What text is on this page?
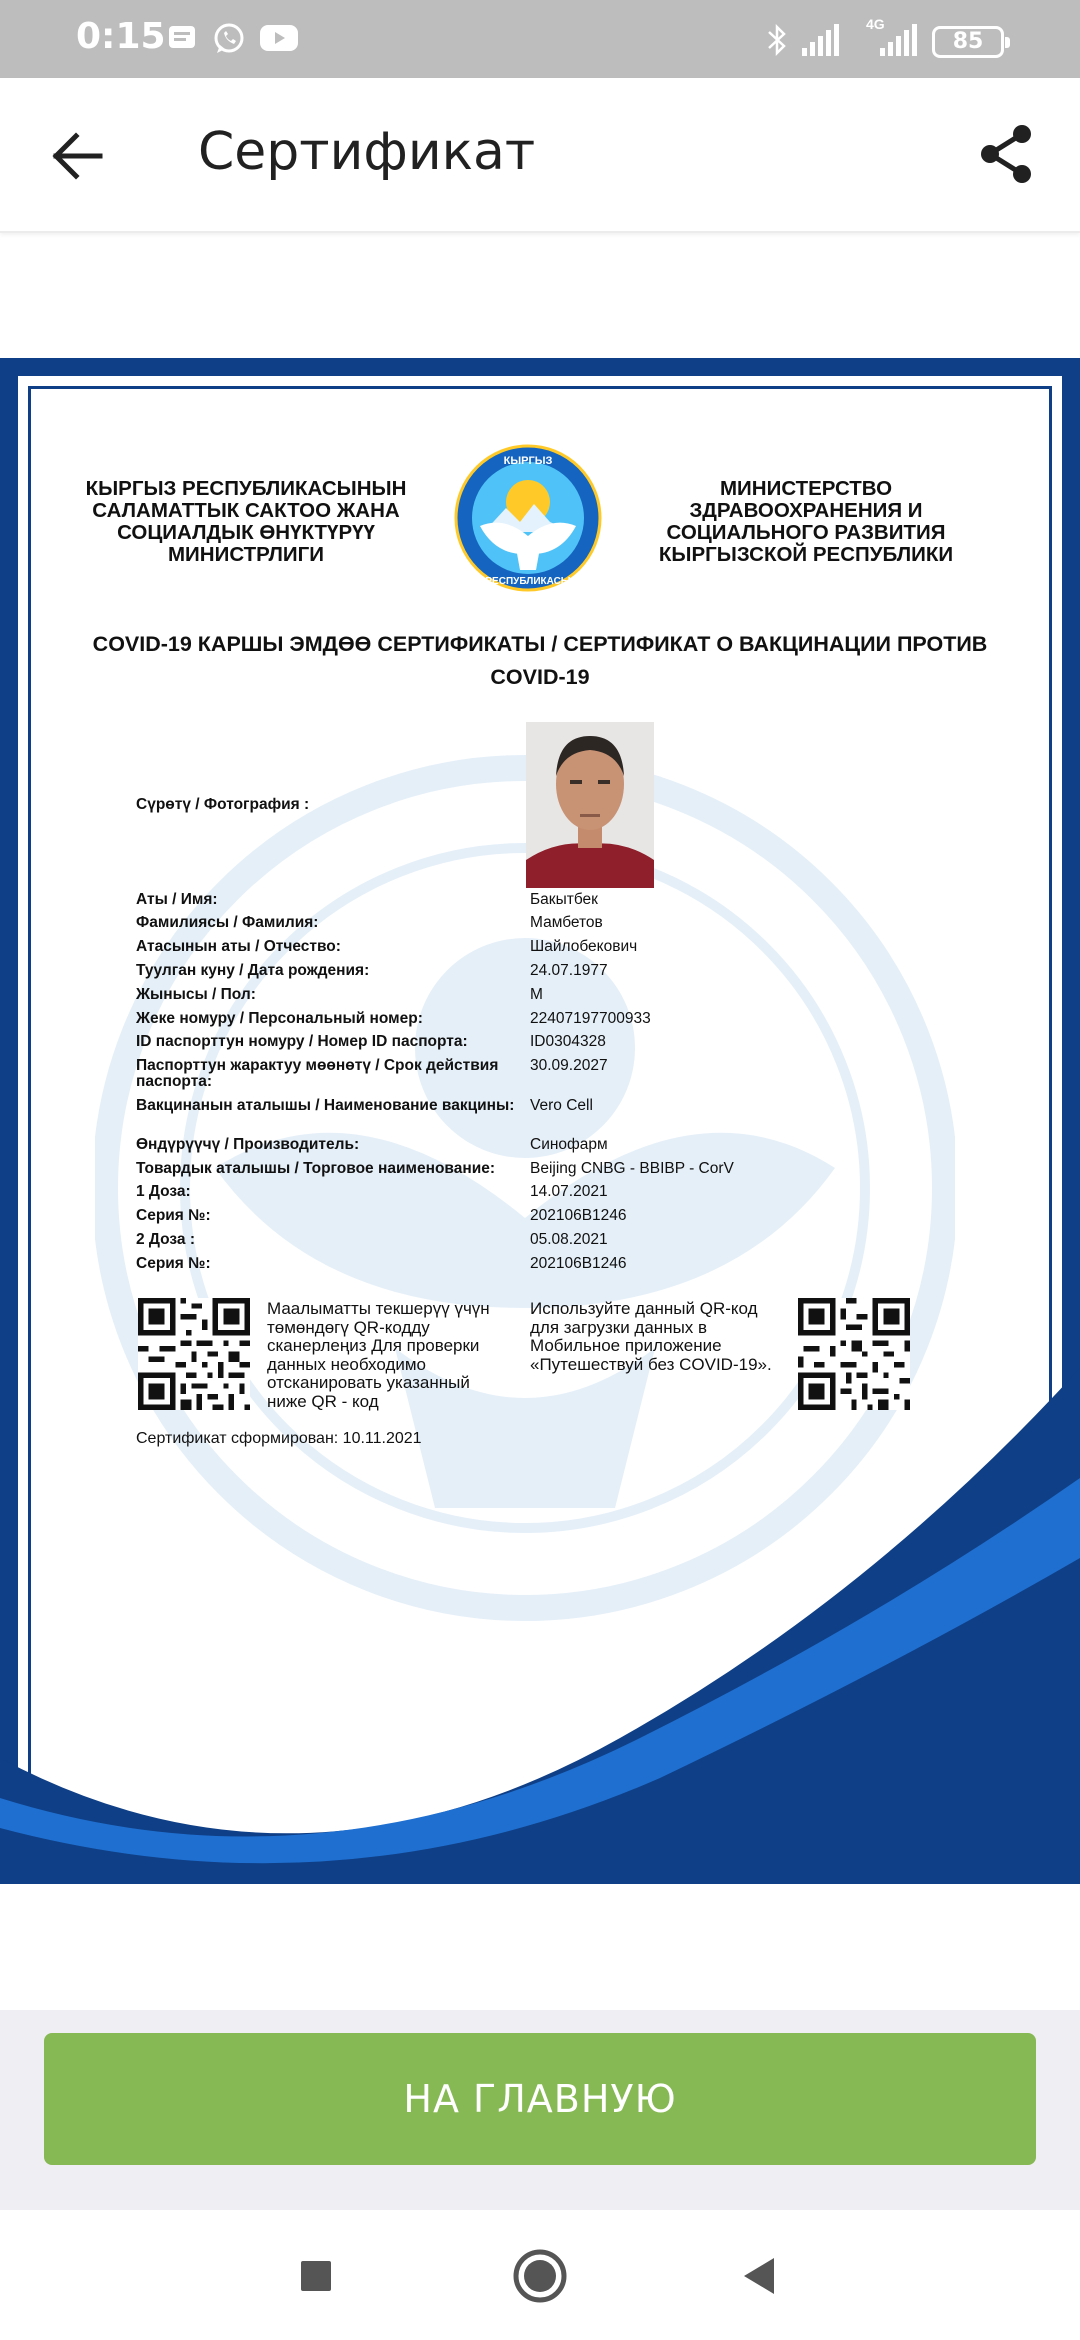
0:15	4G
85
Сертификат
КЫРГЫЗ
РЕСПУБЛИКАСЫ
КЫРГЫЗ РЕСПУБЛИКАСЫНЫН САЛАМАТТЫК САКТОО ЖАНА СОЦИАЛДЫК ӨНҮКТҮРҮҮ МИНИСТРЛИГИ
МИНИСТЕРСТВО ЗДРАВООХРАНЕНИЯ И СОЦИАЛЬНОГО РАЗВИТИЯ КЫРГЫЗСКОЙ РЕСПУБЛИКИ
COVID-19 КАРШЫ ЭМДӨӨ СЕРТИФИКАТЫ / СЕРТИФИКАТ О ВАКЦИНАЦИИ ПРОТИВ COVID-19
Сүрөтү / Фотография :
Аты / Имя:	Бакытбек
Фамилиясы / Фамилия:	Мамбетов
Атасынын аты / Отчество:	Шайлобекович
Туулган куну / Дата рождения:	24.07.1977
Жынысы / Пол:	М
Жеке номуру / Персональный номер:	22407197700933
ID паспорттун номуру / Номер ID паспорта:	ID0304328
Паспорттун жарактуу мөөнөтү / Срок действия паспорта:
30.09.2027
Вакцинанын аталышы / Наименование вакцины:	Vero Cell
Өндүрүүчү / Производитель:	Синофарм
Товардык аталышы / Торговое наименование:	Beijing CNBG - BBIBP - CorV
1 Доза:	14.07.2021
Серия №:	202106B1246
2 Доза :	05.08.2021
Серия №:	202106B1246
Маалыматты текшерүү үчүн төмөндөгү QR-кодду сканерлеңиз Для проверки данных необходимо отсканировать указанный ниже QR - код
Используйте данный QR-код для загрузки данных в Мобильное приложение «Путешествуй без COVID-19».
Сертификат сформирован: 10.11.2021
НА ГЛАВНУЮ
